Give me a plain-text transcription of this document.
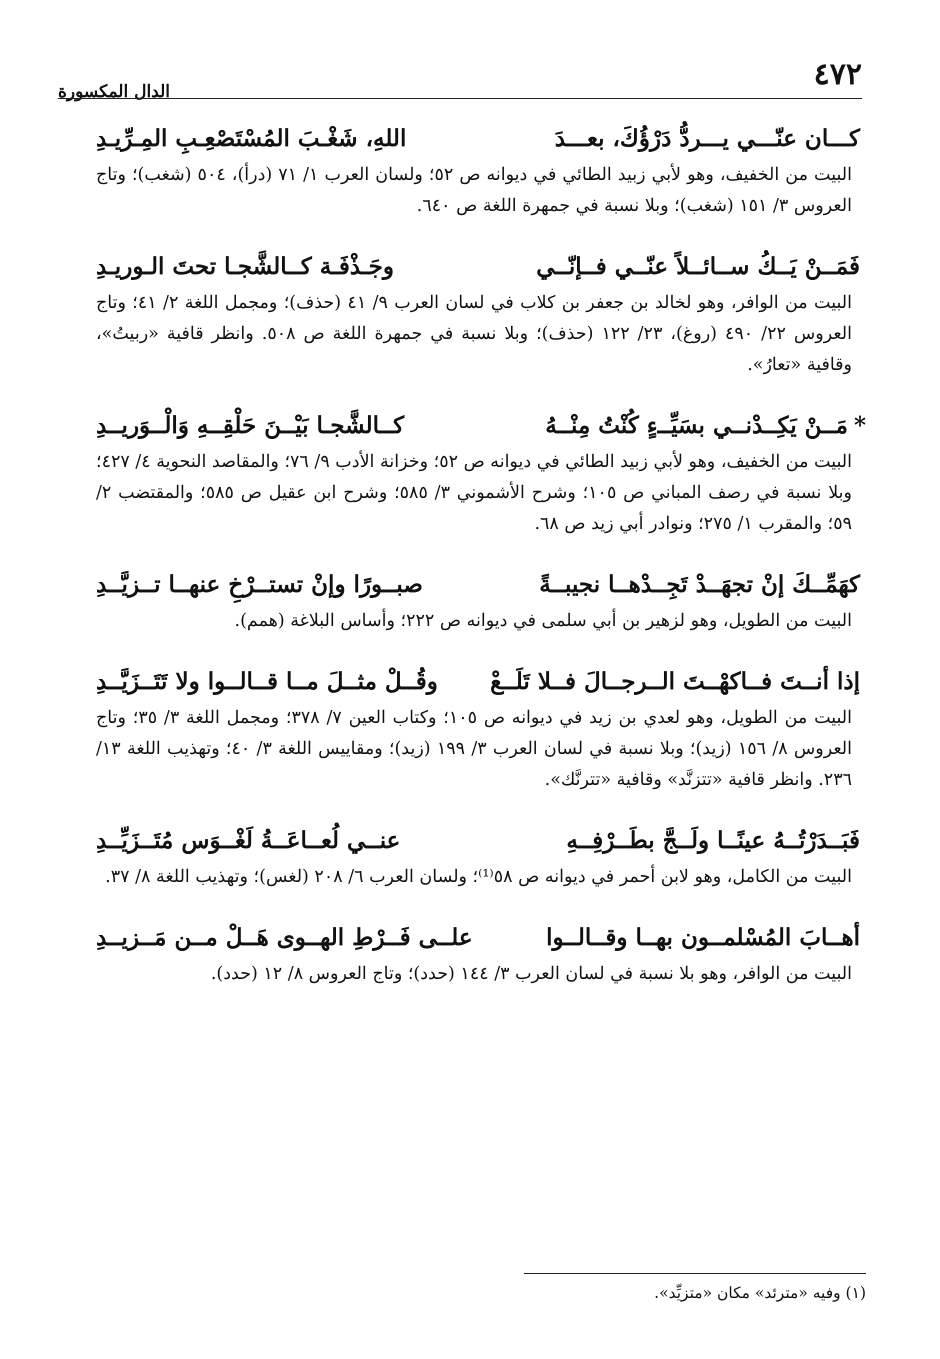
٤٧٢
الدال المكسورة
كـــان عنّـــي يـــردُّ دَرْؤُكَ، بعـــدَ
اللهِ، شَغْـبَ المُسْتَصْعِـبِ المِـرِّيـدِ
البيت من الخفيف، وهو لأبي زبيد الطائي في ديوانه ص ٥٢؛ ولسان العرب ١/ ٧١ (درأ)، ٥٠٤ (شغب)؛ وتاج العروس ٣/ ١٥١ (شغب)؛ وبلا نسبة في جمهرة اللغة ص ٦٤٠.
فَمَــنْ يَــكُ ســائــلاً عنّــي فــإنّــي
وجَـذْفَـة كــالشَّجـا تحتَ الـوريـدِ
البيت من الوافر، وهو لخالد بن جعفر بن كلاب في لسان العرب ٩/ ٤١ (حذف)؛ ومجمل اللغة ٢/ ٤١؛ وتاج العروس ٢٢/ ٤٩٠ (روغ)، ٢٣/ ١٢٢ (حذف)؛ وبلا نسبة في جمهرة اللغة ص ٥٠٨. وانظر قافية «ربيتُ»، وقافية «تعارُ».
*مَــنْ يَكِــدْنــي بسَيِّــءٍ كُنْتُ مِنْــهُ
كــالشَّجـا بَيْــنَ حَلْقِــهِ وَالْــوَريــدِ
البيت من الخفيف، وهو لأبي زبيد الطائي في ديوانه ص ٥٢؛ وخزانة الأدب ٩/ ٧٦؛ والمقاصد النحوية ٤/ ٤٢٧؛ وبلا نسبة في رصف المباني ص ١٠٥؛ وشرح الأشموني ٣/ ٥٨٥؛ وشرح ابن عقيل ص ٥٨٥؛ والمقتضب ٢/ ٥٩؛ والمقرب ١/ ٢٧٥؛ ونوادر أبي زيد ص ٦٨.
كهَمِّــكَ إنْ تجهَــدْ تَجِــدْهــا نجيبــةً
صبــورًا وإنْ تستــرْخِ عنهــا تــزيَّــدِ
البيت من الطويل، وهو لزهير بن أبي سلمى في ديوانه ص ٢٢٢؛ وأساس البلاغة (همم).
إذا أنــتَ فــاكهْــتَ الــرجــالَ فــلا تَلَــعْ
وقُــلْ مثــلَ مــا قــالــوا ولا تَتَــزَيَّــدِ
البيت من الطويل، وهو لعدي بن زيد في ديوانه ص ١٠٥؛ وكتاب العين ٧/ ٣٧٨؛ ومجمل اللغة ٣/ ٣٥؛ وتاج العروس ٨/ ١٥٦ (زيد)؛ وبلا نسبة في لسان العرب ٣/ ١٩٩ (زيد)؛ ومقاييس اللغة ٣/ ٤٠؛ وتهذيب اللغة ١٣/ ٢٣٦. وانظر قافية «تتزنَّد» وقافية «تترنَّك».
فَبَــدَرْتُــهُ عينًــا ولَــجَّ بطَــرْفِــهِ
عنــي لُعــاعَــةُ لَغْــوَس مُتَــزَيِّــدِ
البيت من الكامل، وهو لابن أحمر في ديوانه ص ٥٨⁽¹⁾؛ ولسان العرب ٦/ ٢٠٨ (لغس)؛ وتهذيب اللغة ٨/ ٣٧.
أهــابَ المُسْلمــون بهــا وقــالــوا
علــى فَــرْطِ الهــوى هَــلْ مــن مَــزيــدِ
البيت من الوافر، وهو بلا نسبة في لسان العرب ٣/ ١٤٤ (حدد)؛ وتاج العروس ٨/ ١٢ (حدد).
(١) وفيه «مترئد» مكان «متزيِّد».
